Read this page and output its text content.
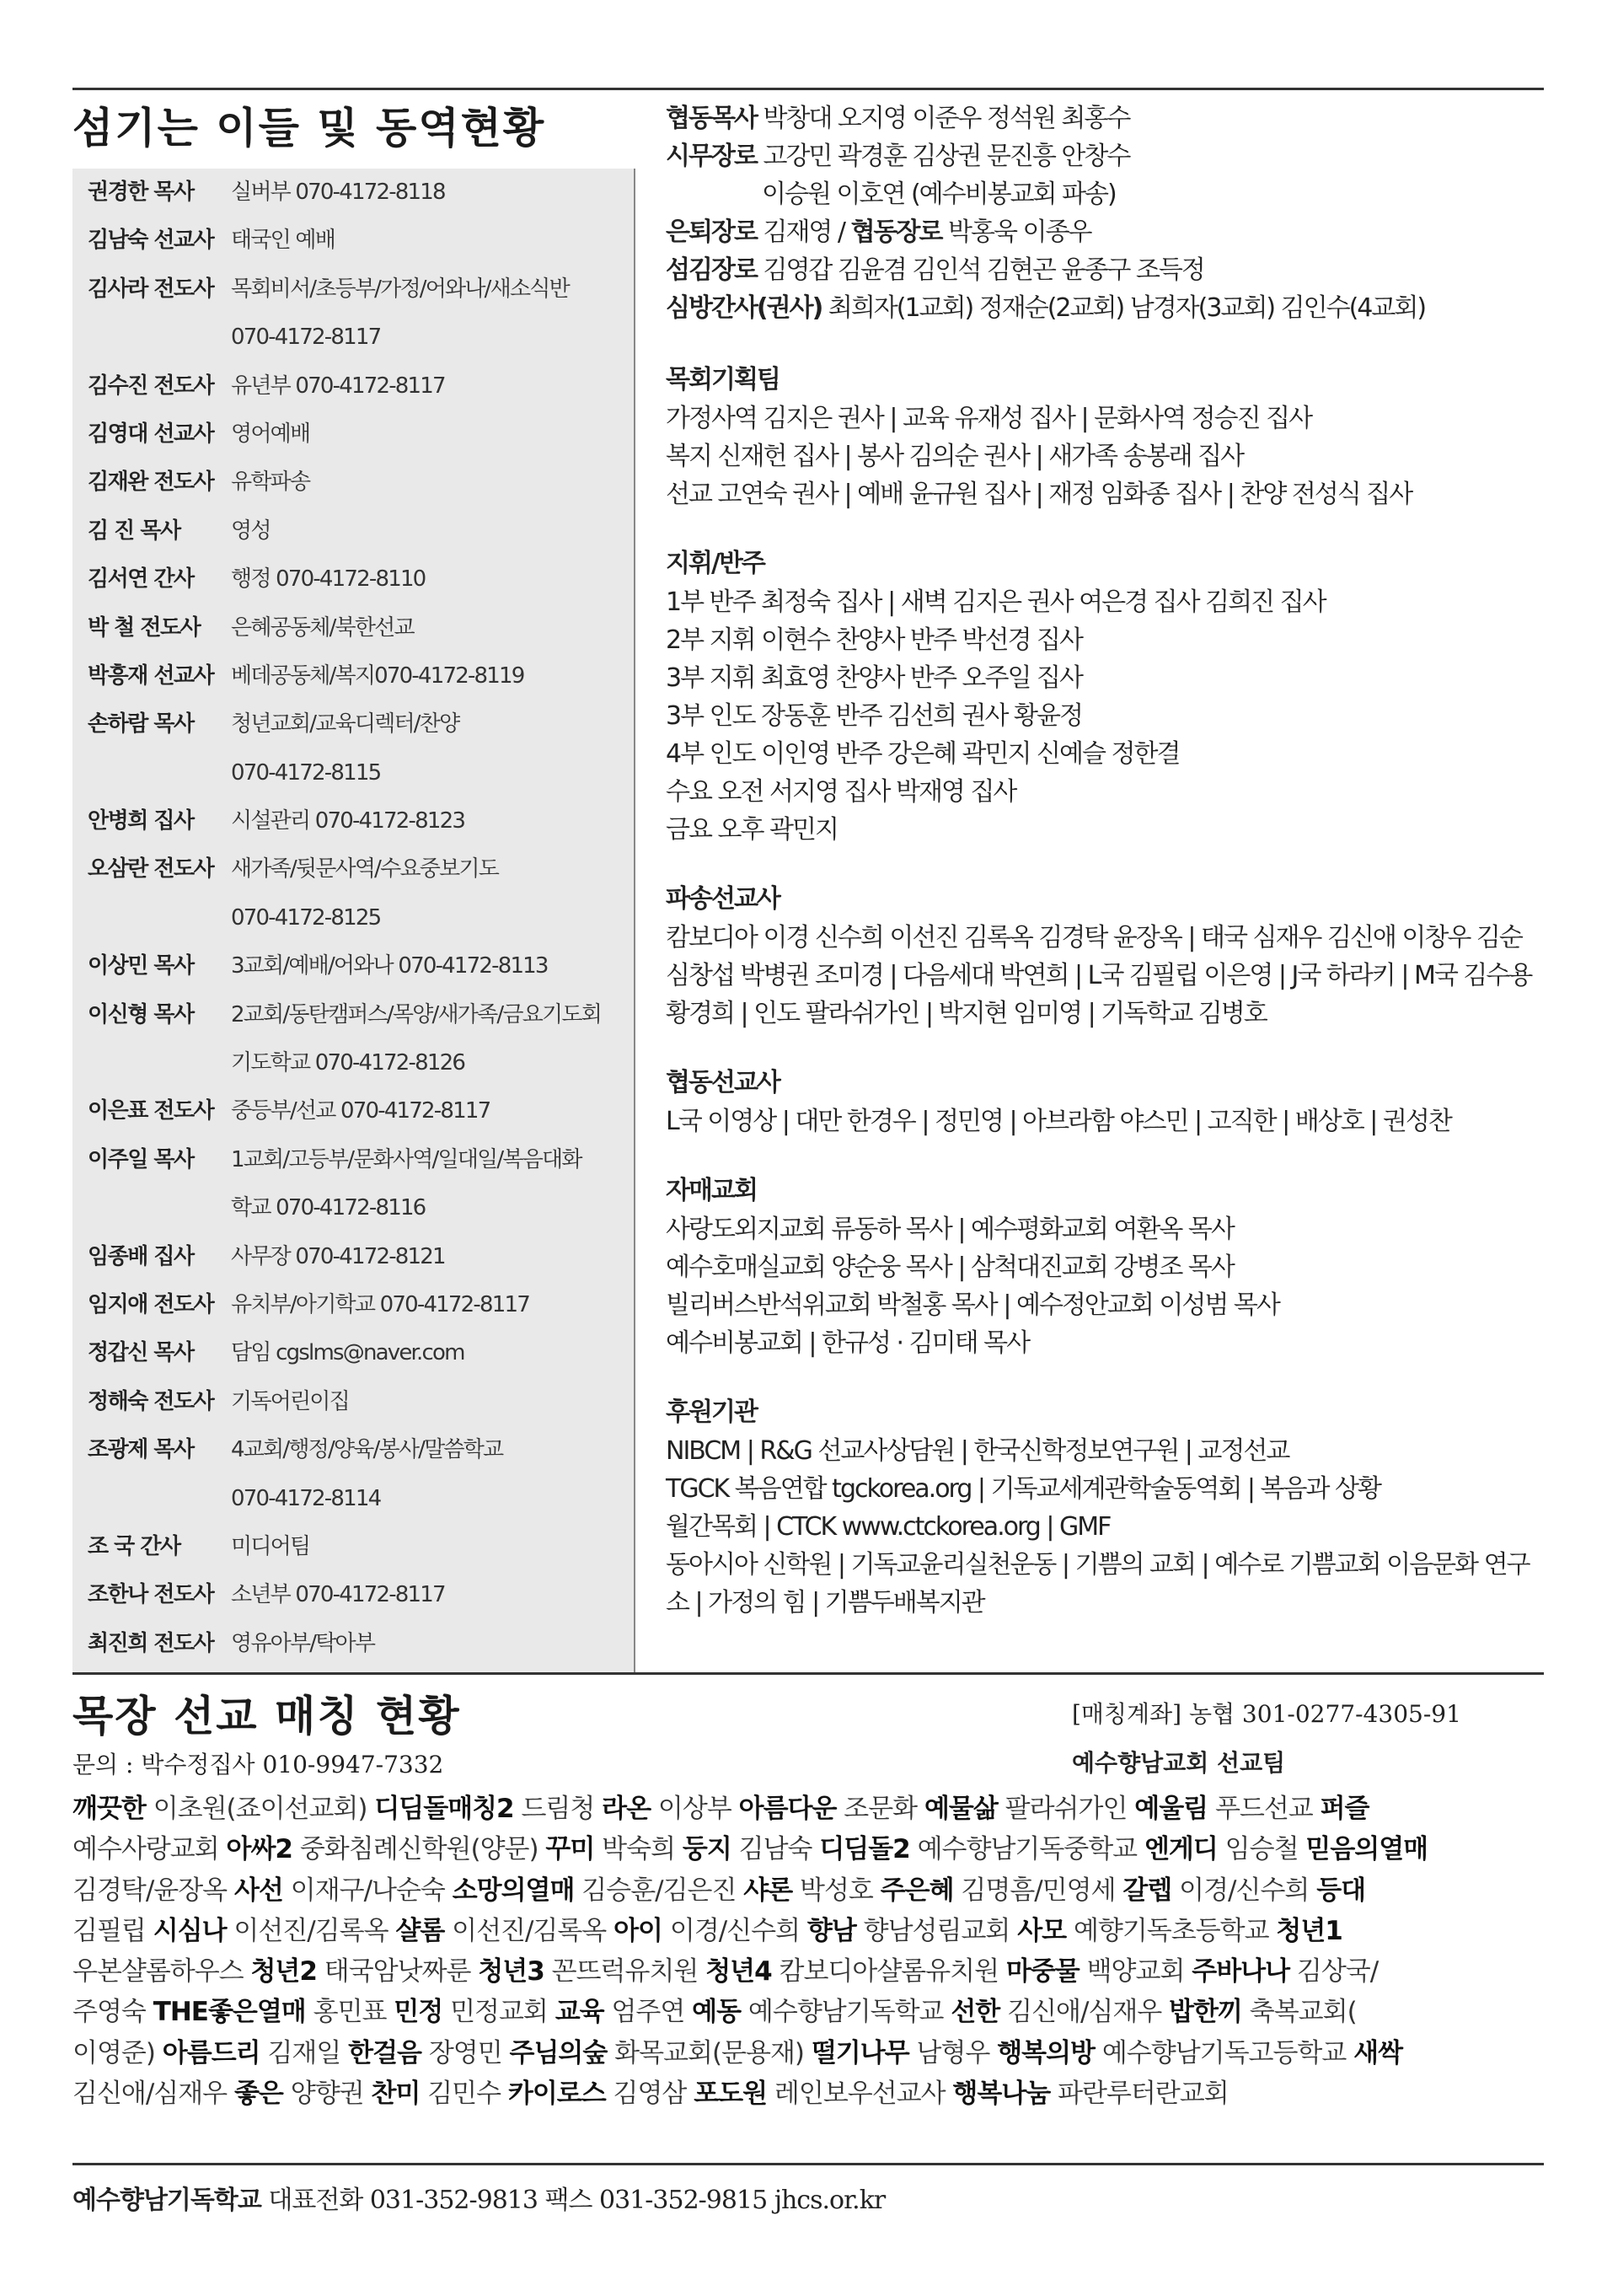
섬기는 이들 및 동역현황
권경한 목사	실버부 070-4172-8118
김남숙 선교사 태국인 예배
김사라 전도사 목회비서/초등부/가정/어와나/새소식반
070-4172-8117
김수진 전도사 유년부 070-4172-8117
김영대 선교사 영어예배
김재완 전도사 유학파송
김 진 목사	영성
김서연 간사	행정 070-4172-8110
박 철 전도사	은혜공동체/북한선교
박흥재 선교사 베데공동체/복지070-4172-8119
손하람 목사	청년교회/교육디렉터/찬양
070-4172-8115
안병희 집사	시설관리 070-4172-8123
오삼란 전도사 새가족/뒷문사역/수요중보기도
070-4172-8125
이상민 목사	3교회/예배/어와나 070-4172-8113
이신형 목사	2교회/동탄캠퍼스/목양/새가족/금요기도회
기도학교 070-4172-8126
이은표 전도사 중등부/선교 070-4172-8117
이주일 목사	1교회/고등부/문화사역/일대일/복음대화
학교 070-4172-8116
임종배 집사	사무장 070-4172-8121
임지애 전도사 유치부/아기학교 070-4172-8117
정갑신 목사	담임 cgslms@naver.com
정해숙 전도사 기독어린이집
조광제 목사	4교회/행정/양육/봉사/말씀학교
070-4172-8114
조 국 간사	미디어팀
조한나 전도사 소년부 070-4172-8117
최진희 전도사 영유아부/탁아부
협동목사 박창대 오지영 이준우 정석원 최홍수
시무장로 고강민 곽경훈 김상권 문진흥 안창수
이승원 이호연 (예수비봉교회 파송)
은퇴장로 김재영 / 협동장로 박홍욱 이종우
섬김장로 김영갑 김윤겸 김인석 김현곤 윤종구 조득정
심방간사(권사) 최희자(1교회) 정재순(2교회) 남경자(3교회) 김인수(4교회)
목회기획팀
가정사역 김지은 권사 | 교육 유재성 집사 | 문화사역 정승진 집사
복지 신재헌 집사 | 봉사 김의순 권사 | 새가족 송봉래 집사
선교 고연숙 권사 | 예배 윤규원 집사 | 재정 임화종 집사 | 찬양 전성식 집사
지휘/반주
1부 반주 최정숙 집사 | 새벽 김지은 권사 여은경 집사 김희진 집사
2부 지휘 이현수 찬양사 반주 박선경 집사
3부 지휘 최효영 찬양사 반주 오주일 집사
3부 인도 장동훈 반주 김선희 권사 황윤정
4부 인도 이인영 반주 강은혜 곽민지 신예슬 정한결
수요 오전 서지영 집사 박재영 집사
금요 오후 곽민지
파송선교사
캄보디아 이경 신수희 이선진 김록옥 김경탁 윤장옥 | 태국 심재우 김신애 이창우 김순
심창섭 박병권 조미경 | 다음세대 박연희 | L국 김필립 이은영 | J국 하라키 | M국 김수용
황경희 | 인도 팔라쉬가인 | 박지현 임미영 | 기독학교 김병호
협동선교사
L국 이영상 | 대만 한경우 | 정민영 | 아브라함 야스민 | 고직한 | 배상호 | 권성찬
자매교회
사랑도외지교회 류동하 목사 | 예수평화교회 여환옥 목사
예수호매실교회 양순웅 목사 | 삼척대진교회 강병조 목사
빌리버스반석위교회 박철홍 목사 | 예수정안교회 이성범 목사
예수비봉교회 | 한규성 · 김미태 목사
후원기관
NIBCM | R&G 선교사상담원 | 한국신학정보연구원 | 교정선교
TGCK 복음연합 tgckorea.org | 기독교세계관학술동역회 | 복음과 상황
월간목회 | CTCK www.ctckorea.org | GMF
동아시아 신학원 | 기독교윤리실천운동 | 기쁨의 교회 | 예수로 기쁨교회 이음문화 연구
소 | 가정의 힘 | 기쁨두배복지관
목장 선교 매칭 현황
문의 : 박수정집사 010-9947-7332
[매칭계좌] 농협 301-0277-4305-91
예수향남교회 선교팀
깨끗한 이초원(죠이선교회) 디딤돌매칭2 드림청 라온 이상부 아름다운 조문화 예물삶 팔라쉬가인 예울림 푸드선교 퍼즐
예수사랑교회 아싸2 중화침례신학원(양문) 꾸미 박숙희 둥지 김남숙 디딤돌2 예수향남기독중학교 엔게디 임승철 믿음의열매
김경탁/윤장옥 사선 이재구/나순숙 소망의열매 김승훈/김은진 샤론 박성호 주은혜 김명흠/민영세 갈렙 이경/신수희 등대
김필립 시심나 이선진/김록옥 샬롬 이선진/김록옥 아이 이경/신수희 향남 향남성림교회 사모 예향기독초등학교 청년1
우본샬롬하우스 청년2 태국암낫짜룬 청년3 꼰뜨럭유치원 청년4 캄보디아샬롬유치원 마중물 백양교회 주바나나 김상국/
주영숙 THE좋은열매 홍민표 민정 민정교회 교육 엄주연 예동 예수향남기독학교 선한 김신애/심재우 밥한끼 축복교회(
이영준) 아름드리 김재일 한걸음 장영민 주님의숲 화목교회(문용재) 떨기나무 남형우 행복의방 예수향남기독고등학교 새싹
김신애/심재우 좋은 양향권 찬미 김민수 카이로스 김영삼 포도원 레인보우선교사 행복나눔 파란루터란교회
예수향남기독학교 대표전화 031-352-9813 팩스 031-352-9815 jhcs.or.kr
